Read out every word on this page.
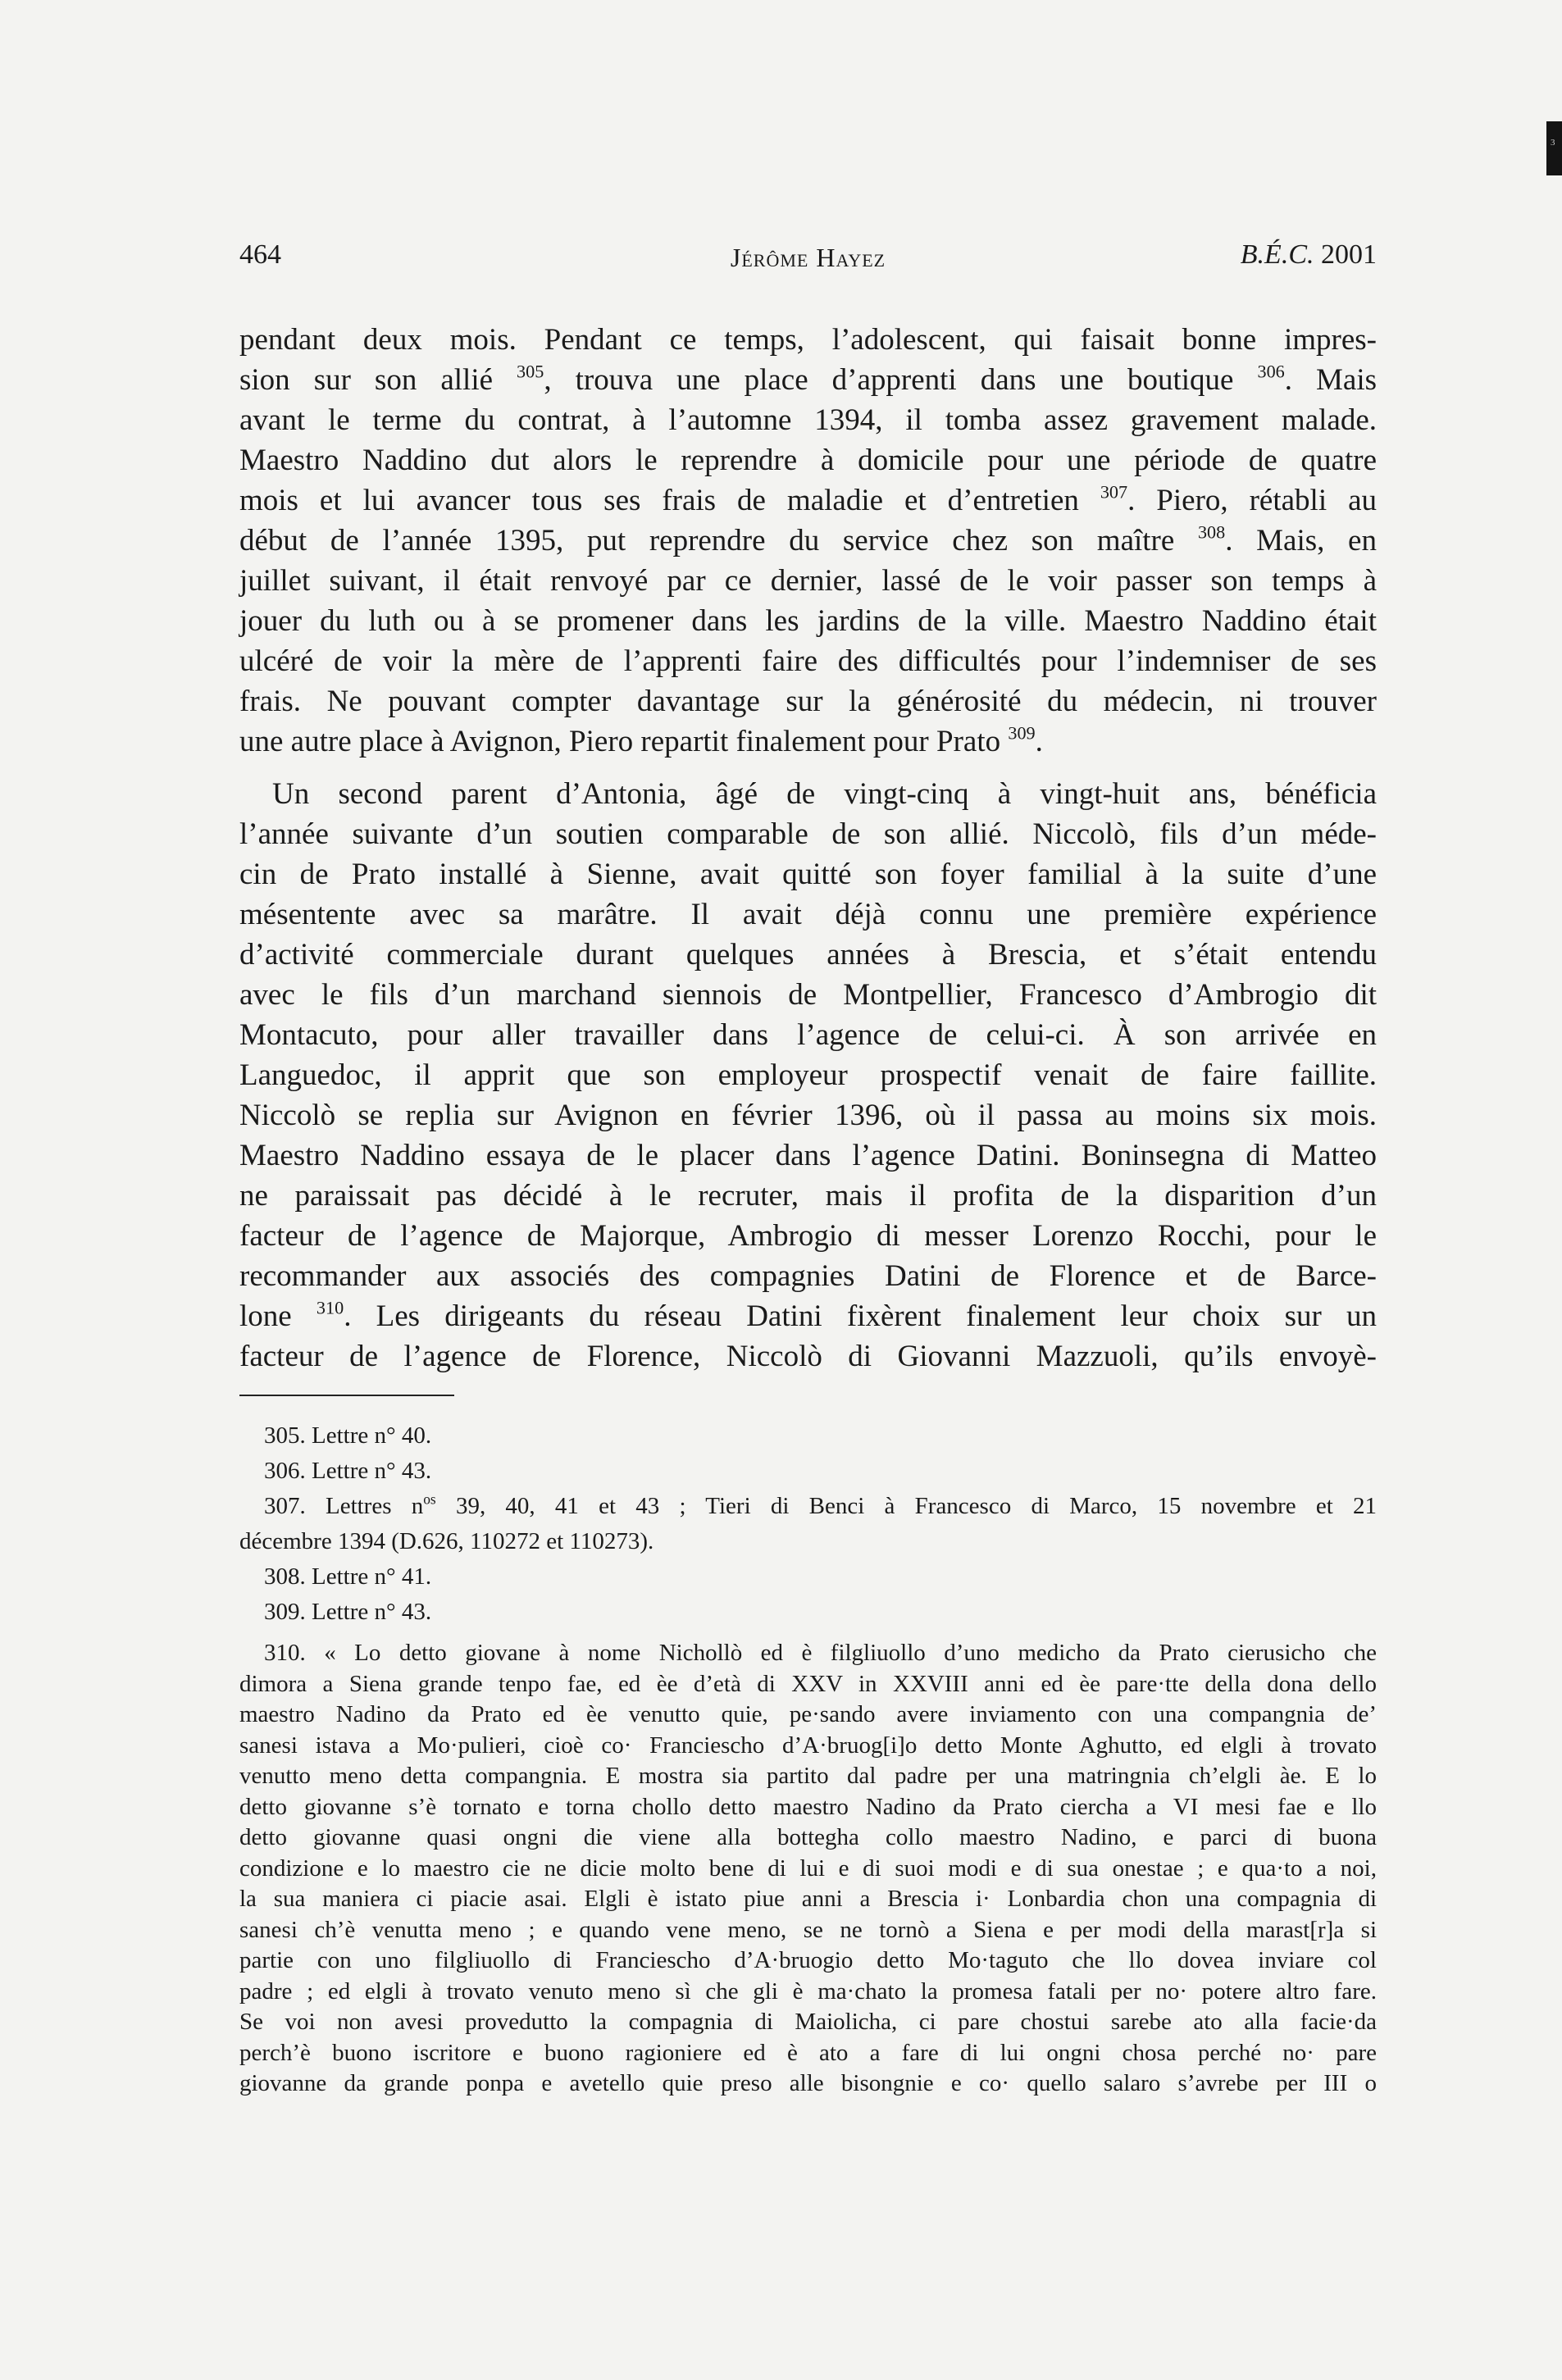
3
464	Jérôme Hayez	B.É.C. 2001
pendant deux mois. Pendant ce temps, l’adolescent, qui faisait bonne impres-
sion sur son allié $^{305}$, trouva une place d’apprenti dans une boutique $^{306}$. Mais
avant le terme du contrat, à l’automne 1394, il tomba assez gravement malade.
Maestro Naddino dut alors le reprendre à domicile pour une période de quatre
mois et lui avancer tous ses frais de maladie et d’entretien $^{307}$. Piero, rétabli au
début de l’année 1395, put reprendre du service chez son maître $^{308}$. Mais, en
juillet suivant, il était renvoyé par ce dernier, lassé de le voir passer son temps à
jouer du luth ou à se promener dans les jardins de la ville. Maestro Naddino était
ulcéré de voir la mère de l’apprenti faire des difficultés pour l’indemniser de ses
frais. Ne pouvant compter davantage sur la générosité du médecin, ni trouver
une autre place à Avignon, Piero repartit finalement pour Prato $^{309}$.
Un second parent d’Antonia, âgé de vingt-cinq à vingt-huit ans, bénéficia
l’année suivante d’un soutien comparable de son allié. Niccolò, fils d’un méde-
cin de Prato installé à Sienne, avait quitté son foyer familial à la suite d’une
mésentente avec sa marâtre. Il avait déjà connu une première expérience
d’activité commerciale durant quelques années à Brescia, et s’était entendu
avec le fils d’un marchand siennois de Montpellier, Francesco d’Ambrogio dit
Montacuto, pour aller travailler dans l’agence de celui-ci. À son arrivée en
Languedoc, il apprit que son employeur prospectif venait de faire faillite.
Niccolò se replia sur Avignon en février 1396, où il passa au moins six mois.
Maestro Naddino essaya de le placer dans l’agence Datini. Boninsegna di Matteo
ne paraissait pas décidé à le recruter, mais il profita de la disparition d’un
facteur de l’agence de Majorque, Ambrogio di messer Lorenzo Rocchi, pour le
recommander aux associés des compagnies Datini de Florence et de Barce-
lone $^{310}$. Les dirigeants du réseau Datini fixèrent finalement leur choix sur un
facteur de l’agence de Florence, Niccolò di Giovanni Mazzuoli, qu’ils envoyè-
305. Lettre n° 40.
306. Lettre n° 43.
307. Lettres $n^{os}$ 39, 40, 41 et 43 ; Tieri di Benci à Francesco di Marco, 15 novembre et 21
décembre 1394 (D.626, 110272 et 110273).
308. Lettre n° 41.
309. Lettre n° 43.
310. « Lo detto giovane à nome Nichollò ed è filgliuollo d’uno medicho da Prato cierusicho che
dimora a Siena grande tenpo fae, ed èe d’età di XXV in XXVIII anni ed èe pare·tte della dona dello
maestro Nadino da Prato ed èe venutto quie, pe·sando avere inviamento con una compangnia de’
sanesi istava a Mo·pulieri, cioè co· Franciescho d’A·bruog[i]o detto Monte Aghutto, ed elgli à trovato
venutto meno detta compangnia. E mostra sia partito dal padre per una matringnia ch’elgli àe. E lo
detto giovanne s’è tornato e torna chollo detto maestro Nadino da Prato ciercha a VI mesi fae e llo
detto giovanne quasi ongni die viene alla bottegha collo maestro Nadino, e parci di buona
condizione e lo maestro cie ne dicie molto bene di lui e di suoi modi e di sua onestae ; e qua·to a noi,
la sua maniera ci piacie asai. Elgli è istato piue anni a Brescia i· Lonbardia chon una compagnia di
sanesi ch’è venutta meno ; e quando vene meno, se ne tornò a Siena e per modi della marast[r]a si
partie con uno filgliuollo di Franciescho d’A·bruogio detto Mo·taguto che llo dovea inviare col
padre ; ed elgli à trovato venuto meno sì che gli è ma·chato la promesa fatali per no· potere altro fare.
Se voi non avesi provedutto la compagnia di Maiolicha, ci pare chostui sarebe ato alla facie·da
perch’è buono iscritore e buono ragioniere ed è ato a fare di lui ongni chosa perché no· pare
giovanne da grande ponpa e avetello quie preso alle bisongnie e co· quello salaro s’avrebe per III o
